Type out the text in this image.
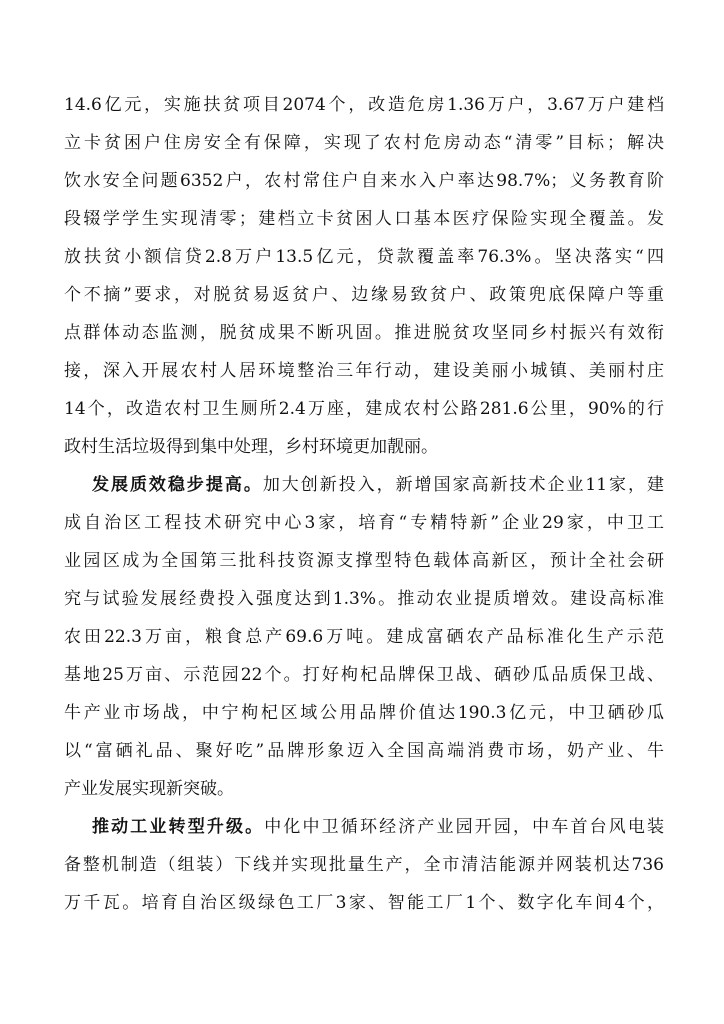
14.6亿元，实施扶贫项目2074个，改造危房1.36万户，3.67万户建档
立卡贫困户住房安全有保障，实现了农村危房动态“清零”目标；解决
饮水安全问题6352户，农村常住户自来水入户率达98.7%；义务教育阶
段辍学学生实现清零；建档立卡贫困人口基本医疗保险实现全覆盖。发
放扶贫小额信贷2.8万户13.5亿元，贷款覆盖率76.3%。坚决落实“四
个不摘”要求，对脱贫易返贫户、边缘易致贫户、政策兜底保障户等重
点群体动态监测，脱贫成果不断巩固。推进脱贫攻坚同乡村振兴有效衔
接，深入开展农村人居环境整治三年行动，建设美丽小城镇、美丽村庄
14个，改造农村卫生厕所2.4万座，建成农村公路281.6公里，90%的行
政村生活垃圾得到集中处理，乡村环境更加靓丽。
发展质效稳步提高。加大创新投入，新增国家高新技术企业11家，建
成自治区工程技术研究中心3家，培育“专精特新”企业29家，中卫工
业园区成为全国第三批科技资源支撑型特色载体高新区，预计全社会研
究与试验发展经费投入强度达到1.3%。推动农业提质增效。建设高标准
农田22.3万亩，粮食总产69.6万吨。建成富硒农产品标准化生产示范
基地25万亩、示范园22个。打好枸杞品牌保卫战、硒砂瓜品质保卫战、
牛产业市场战，中宁枸杞区域公用品牌价值达190.3亿元，中卫硒砂瓜
以“富硒礼品、聚好吃”品牌形象迈入全国高端消费市场，奶产业、牛
产业发展实现新突破。
推动工业转型升级。中化中卫循环经济产业园开园，中车首台风电装
备整机制造（组装）下线并实现批量生产，全市清洁能源并网装机达736
万千瓦。培育自治区级绿色工厂3家、智能工厂1个、数字化车间4个，
